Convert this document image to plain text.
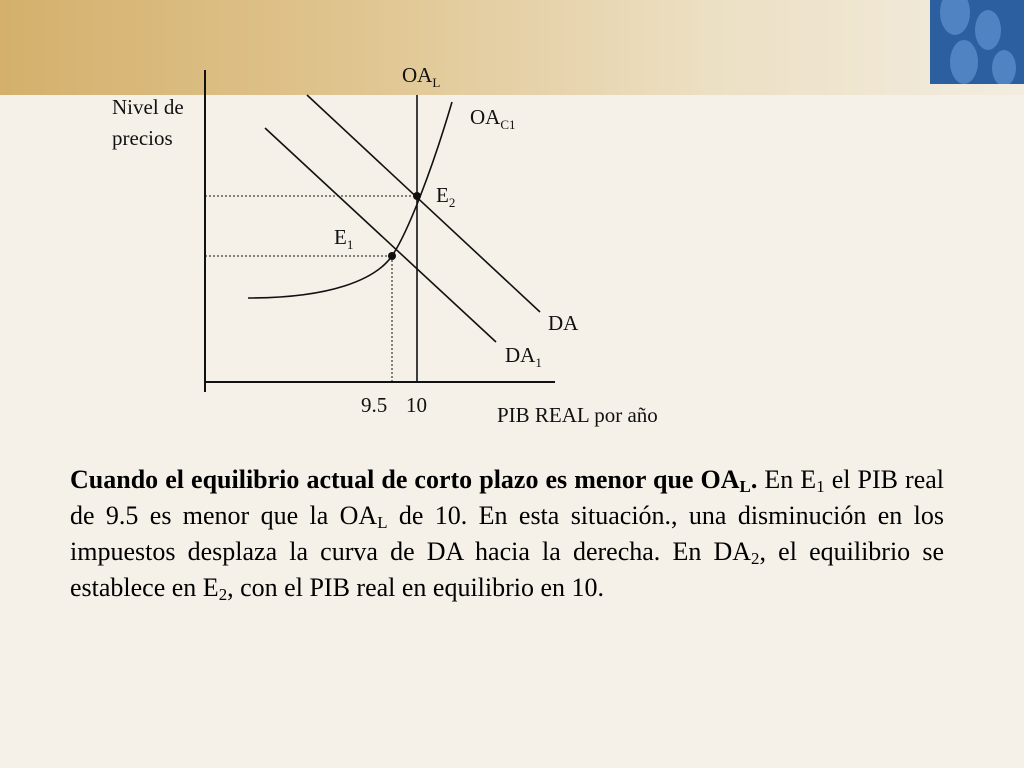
Nivel de
precios
PIB REAL por año
$OA_L$
$OA_{C1}$
$E_2$
$E_1$
DA
$DA_1$
9.5 10
Cuando el equilibrio actual de corto plazo es menor que $OA_L$. En $E_1$ el PIB real de 9.5 es menor que la $OA_L$ de 10. En esta situación., una disminución en los impuestos desplaza la curva de DA hacia la derecha. En $DA_2$, el equilibrio se establece en $E_2$, con el PIB real en equilibrio en 10.
